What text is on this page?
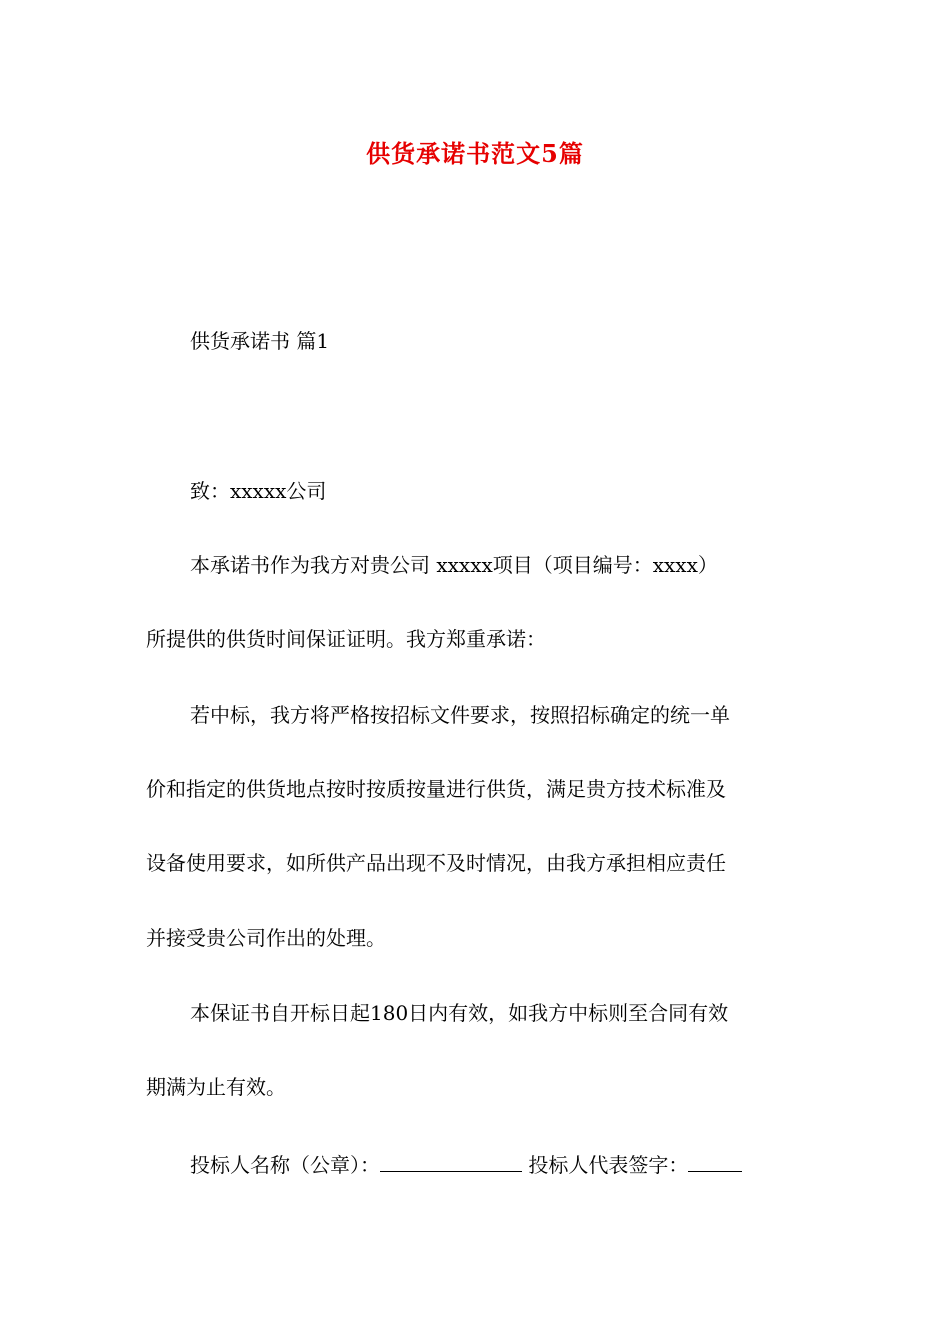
供货承诺书范文5篇
供货承诺书 篇1
致：xxxxx公司
本承诺书作为我方对贵公司 xxxxx项目（项目编号：xxxx）
所提供的供货时间保证证明。我方郑重承诺：
若中标，我方将严格按招标文件要求，按照招标确定的统一单
价和指定的供货地点按时按质按量进行供货，满足贵方技术标准及
设备使用要求，如所供产品出现不及时情况，由我方承担相应责任
并接受贵公司作出的处理。
本保证书自开标日起180日内有效，如我方中标则至合同有效
期满为止有效。
投标人名称（公章）：	投标人代表签字：
